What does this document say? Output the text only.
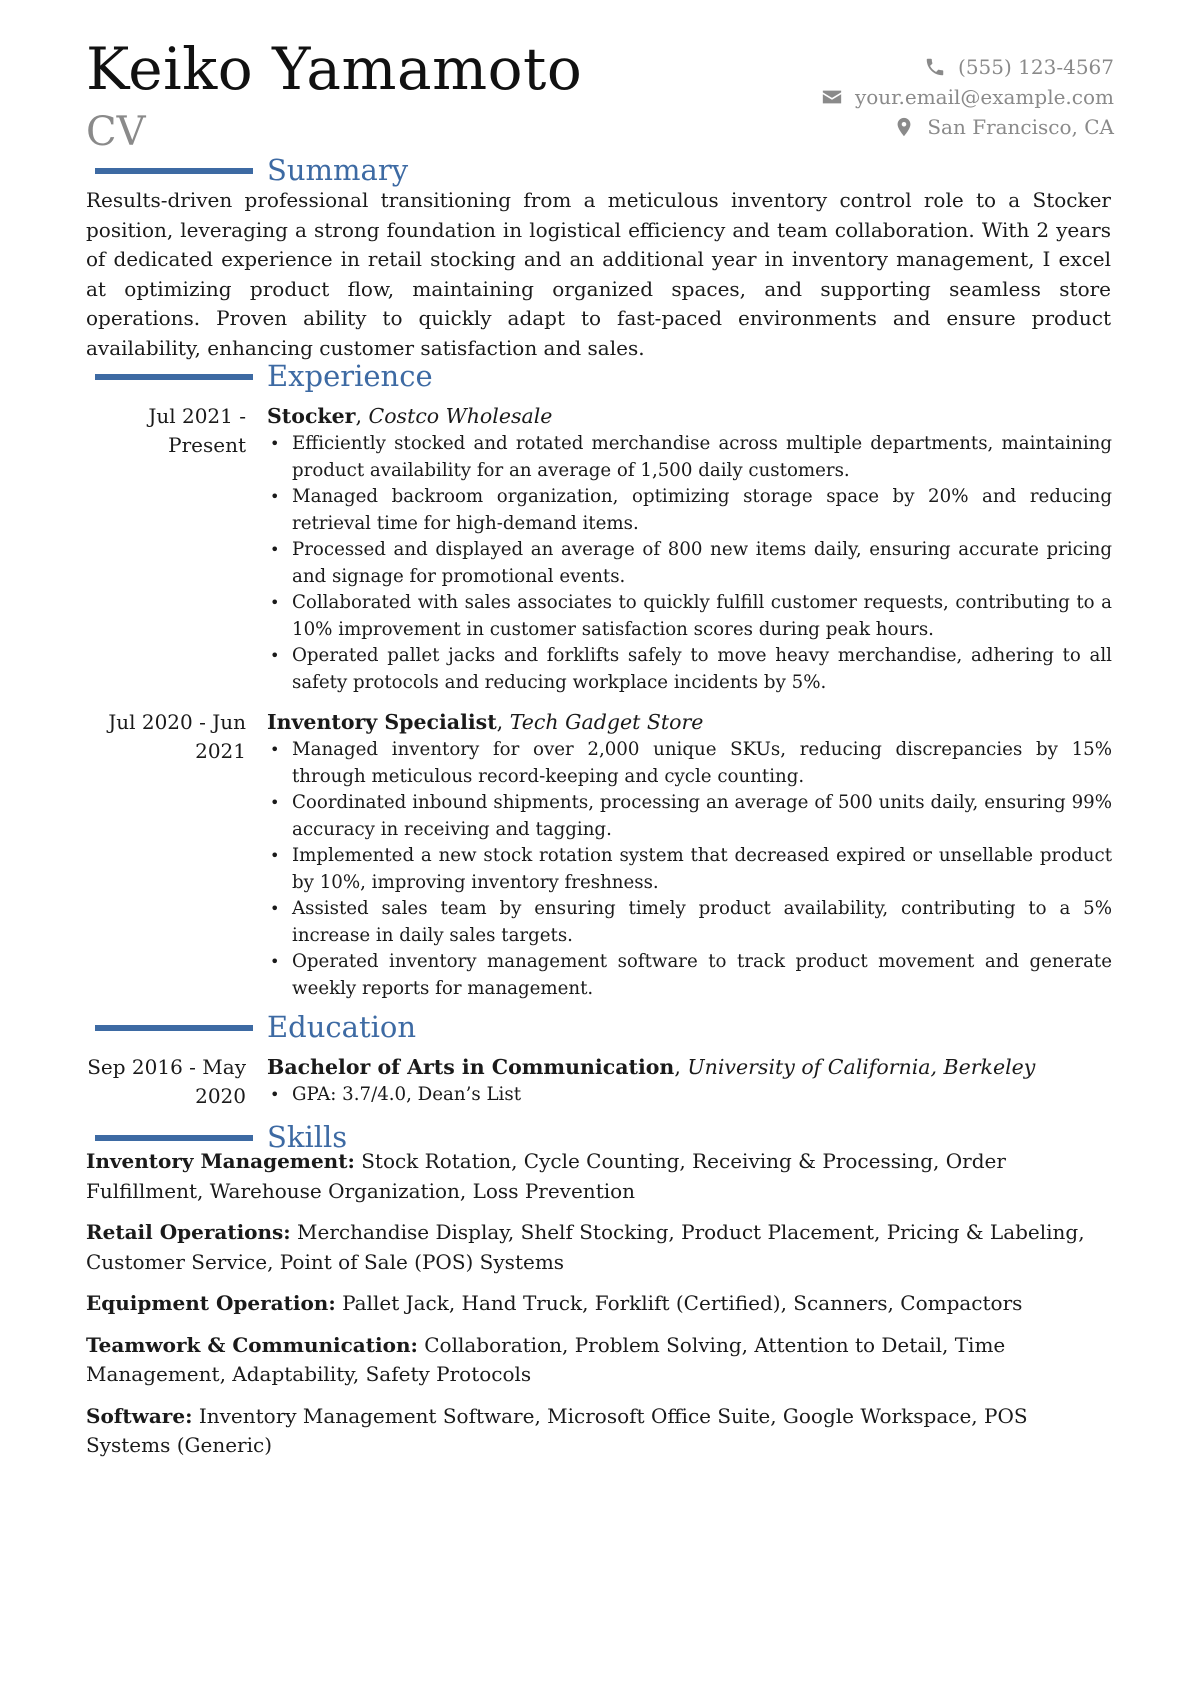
Keiko Yamamoto
CV
(555) 123-4567
your.email@example.com
San Francisco, CA
Summary
Results-driven professional transitioning from a meticulous inventory control role to a Stocker position, leveraging a strong foundation in logistical efficiency and team collaboration. With 2 years of dedicated experience in retail stocking and an additional year in inventory management, I excel at optimizing product flow, maintaining organized spaces, and supporting seamless store operations. Proven ability to quickly adapt to fast-paced environments and ensure product availability, enhancing customer satisfaction and sales.
Experience
Jul 2021 - Present
Stocker, Costco Wholesale
• Efficiently stocked and rotated merchandise across multiple departments, maintaining product availability for an average of 1,500 daily customers.
• Managed backroom organization, optimizing storage space by 20% and reducing retrieval time for high-demand items.
• Processed and displayed an average of 800 new items daily, ensuring accurate pricing and signage for promotional events.
• Collaborated with sales associates to quickly fulfill customer requests, contributing to a 10% improvement in customer satisfaction scores during peak hours.
• Operated pallet jacks and forklifts safely to move heavy merchandise, adhering to all safety protocols and reducing workplace incidents by 5%.
Jul 2020 - Jun 2021
Inventory Specialist, Tech Gadget Store
• Managed inventory for over 2,000 unique SKUs, reducing discrepancies by 15% through meticulous record-keeping and cycle counting.
• Coordinated inbound shipments, processing an average of 500 units daily, ensuring 99% accuracy in receiving and tagging.
• Implemented a new stock rotation system that decreased expired or unsellable product by 10%, improving inventory freshness.
• Assisted sales team by ensuring timely product availability, contributing to a 5% increase in daily sales targets.
• Operated inventory management software to track product movement and generate weekly reports for management.
Education
Sep 2016 - May 2020
Bachelor of Arts in Communication, University of California, Berkeley
• GPA: 3.7/4.0, Dean’s List
Skills
Inventory Management: Stock Rotation, Cycle Counting, Receiving & Processing, Order Fulfillment, Warehouse Organization, Loss Prevention
Retail Operations: Merchandise Display, Shelf Stocking, Product Placement, Pricing & Labeling, Customer Service, Point of Sale (POS) Systems
Equipment Operation: Pallet Jack, Hand Truck, Forklift (Certified), Scanners, Compactors
Teamwork & Communication: Collaboration, Problem Solving, Attention to Detail, Time Management, Adaptability, Safety Protocols
Software: Inventory Management Software, Microsoft Office Suite, Google Workspace, POS Systems (Generic)
